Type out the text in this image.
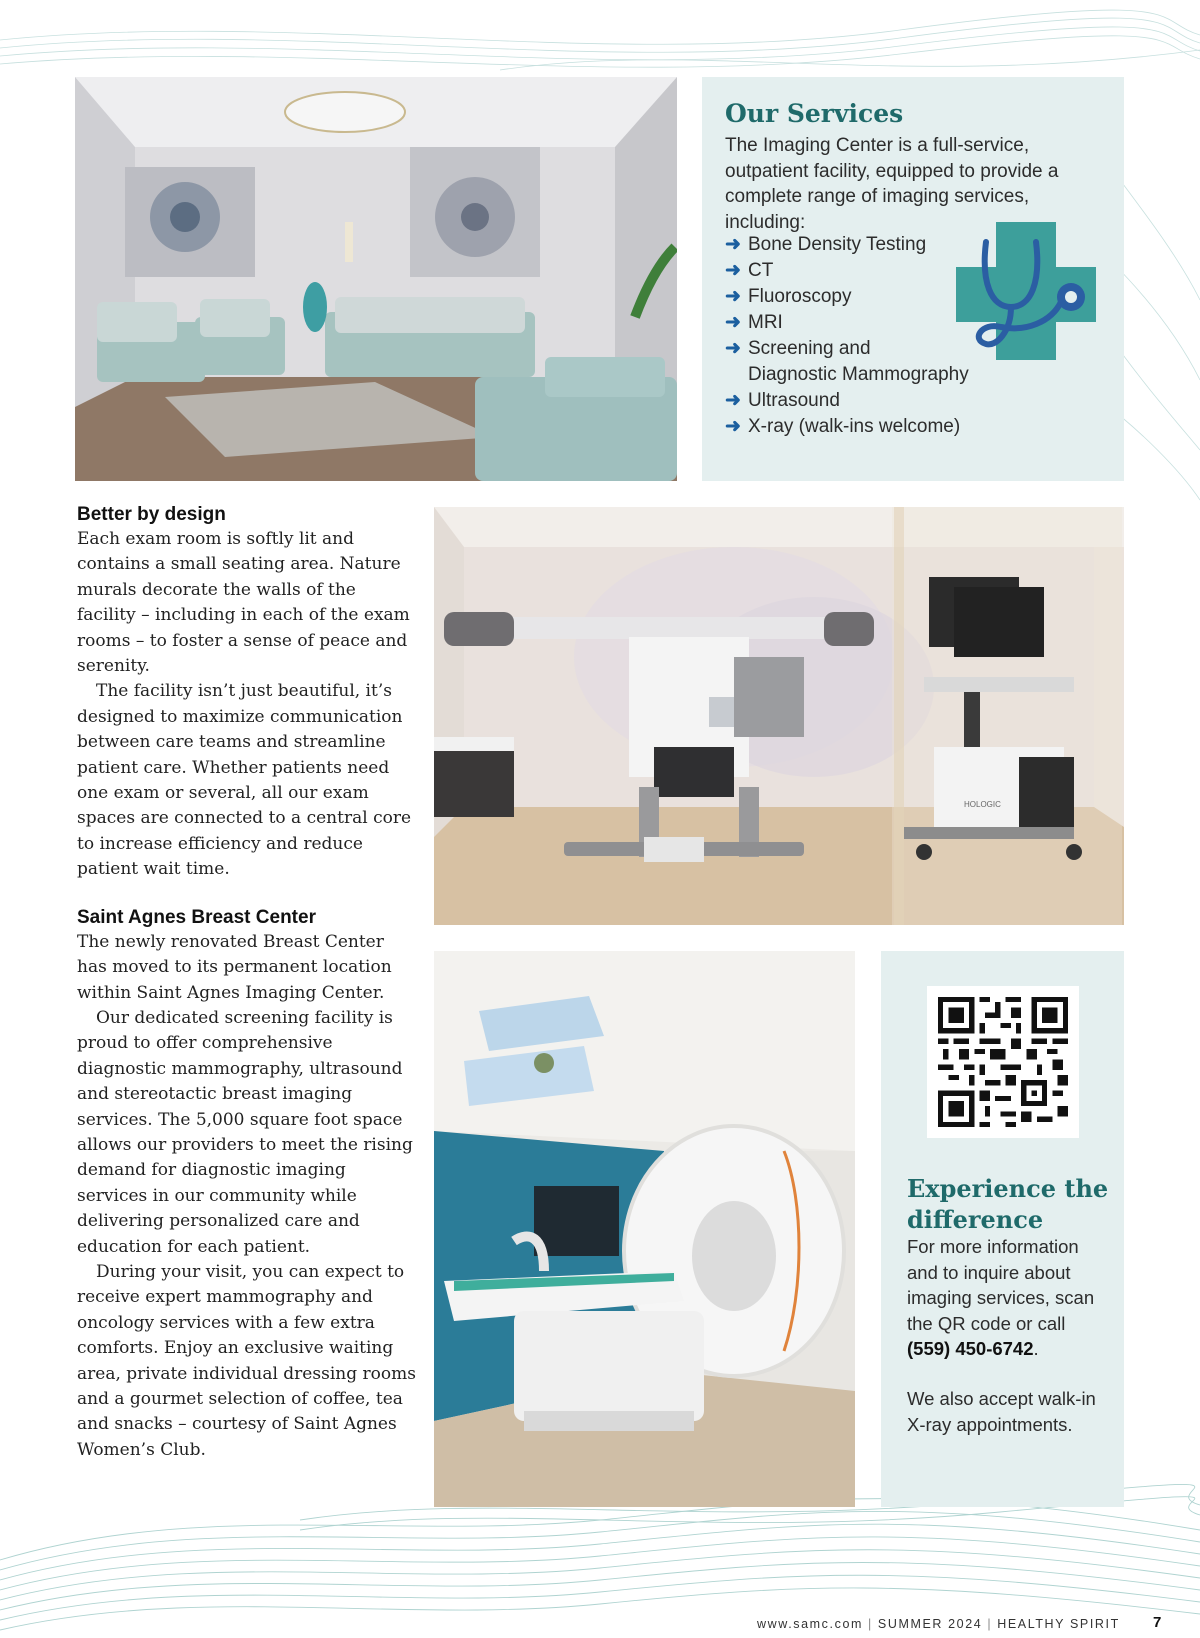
Our Services

The Imaging Center is a full-service, outpatient facility, equipped to provide a complete range of imaging services, including:

➜ Bone Density Testing
➜ CT
➜ Fluoroscopy
➜ MRI
➜ Screening and
Diagnostic Mammography
➜ Ultrasound
➜ X-ray (walk-ins welcome)
Better by design

Each exam room is softly lit and contains a small seating area. Nature murals decorate the walls of the facility – including in each of the exam rooms – to foster a sense of peace and serenity.

The facility isn’t just beautiful, it’s designed to maximize communication between care teams and streamline patient care. Whether patients need one exam or several, all our exam spaces are connected to a central core to increase efficiency and reduce patient wait time.

Saint Agnes Breast Center

The newly renovated Breast Center has moved to its permanent location within Saint Agnes Imaging Center.

Our dedicated screening facility is proud to offer comprehensive diagnostic mammography, ultrasound and stereotactic breast imaging services. The 5,000 square foot space allows our providers to meet the rising demand for diagnostic imaging services in our community while delivering personalized care and education for each patient.

During your visit, you can expect to receive expert mammography and oncology services with a few extra comforts. Enjoy an exclusive waiting area, private individual dressing rooms and a gourmet selection of coffee, tea and snacks – courtesy of Saint Agnes Women’s Club.

HOLOGIC
Experience the difference

For more information and to inquire about imaging services, scan the QR code or call (559) 450-6742.

We also accept walk-in X-ray appointments.

www.samc.com | SUMMER 2024 | HEALTHY SPIRIT 7
